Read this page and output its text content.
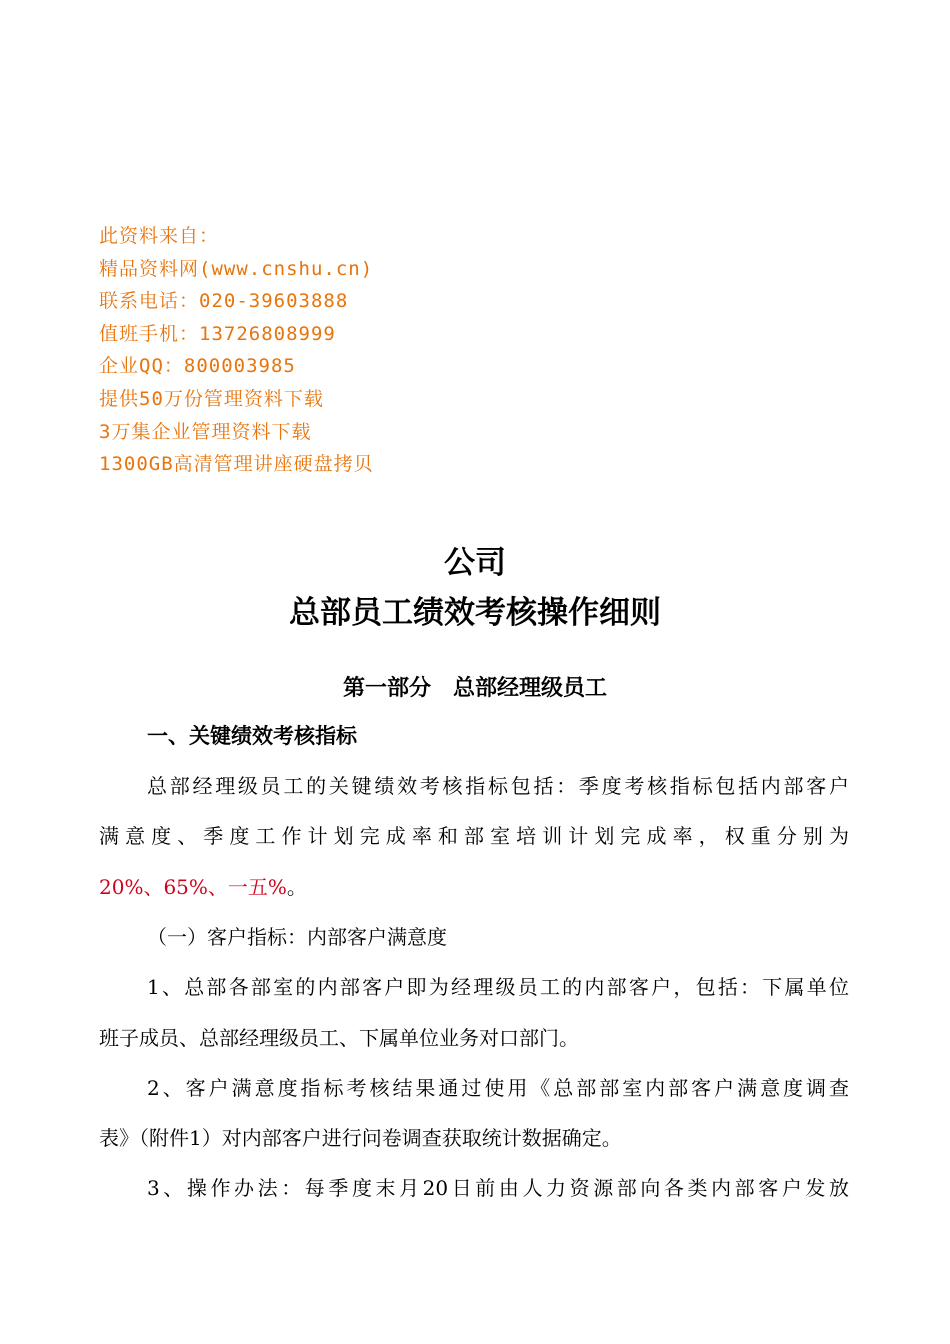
此资料来自：
精品资料网(www.cnshu.cn)
联系电话：020-39603888
值班手机：13726808999
企业QQ：800003985
提供50万份管理资料下载
3万集企业管理资料下载
1300GB高清管理讲座硬盘拷贝
公司
总部员工绩效考核操作细则
第一部分　总部经理级员工
一、关键绩效考核指标
总部经理级员工的关键绩效考核指标包括：季度考核指标包括内部客户
满意度、季度工作计划完成率和部室培训计划完成率，权重分别为
20%、65%、一五%。
（一）客户指标：内部客户满意度
1、总部各部室的内部客户即为经理级员工的内部客户，包括：下属单位
班子成员、总部经理级员工、下属单位业务对口部门。
2、客户满意度指标考核结果通过使用《总部部室内部客户满意度调查
表》（附件1）对内部客户进行问卷调查获取统计数据确定。
3、操作办法：每季度末月20日前由人力资源部向各类内部客户发放
